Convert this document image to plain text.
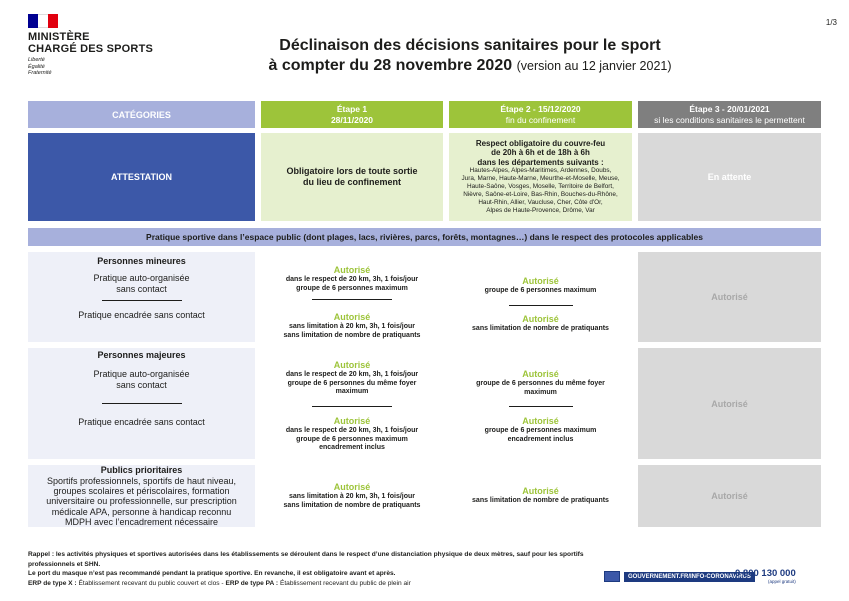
MINISTÈRE
CHARGÉ DES SPORTS
Liberté
Égalité
Fraternité
1/3
Déclinaison des décisions sanitaires pour le sport
à compter du 28 novembre 2020 (version au 12 janvier 2021)
CATÉGORIES
Étape 1
28/11/2020
Étape 2 - 15/12/2020
fin du confinement
Étape 3 - 20/01/2021
si les conditions sanitaires le permettent
ATTESTATION
Obligatoire lors de toute sortie
du lieu de confinement
Respect obligatoire du couvre-feu
de 20h à 6h et de 18h à 6h
dans les départements suivants :
Hautes-Alpes, Alpes-Maritimes, Ardennes, Doubs,
Jura, Marne, Haute-Marne, Meurthe-et-Moselle, Meuse,
Haute-Saône, Vosges, Moselle, Territoire de Belfort,
Nièvre, Saône-et-Loire, Bas-Rhin, Bouches-du-Rhône,
Haut-Rhin, Allier, Vaucluse, Cher, Côte d'Or,
Alpes de Haute-Provence, Drôme, Var
En attente
Pratique sportive dans l’espace public (dont plages, lacs, rivières, parcs, forêts, montagnes…) dans le respect des protocoles applicables
Personnes mineures
Pratique auto-organisée
sans contact
Pratique encadrée sans contact
Autorisé
dans le respect de 20 km, 3h, 1 fois/jour
groupe de 6 personnes maximum
Autorisé
sans limitation à 20 km, 3h, 1 fois/jour
sans limitation de nombre de pratiquants
Autorisé
groupe de 6 personnes maximum
Autorisé
sans limitation de nombre de pratiquants
Autorisé
Personnes majeures
Pratique auto-organisée
sans contact
Pratique encadrée sans contact
Autorisé
dans le respect de 20 km, 3h, 1 fois/jour
groupe de 6 personnes du même foyer
maximum
Autorisé
dans le respect de 20 km, 3h, 1 fois/jour
groupe de 6 personnes maximum
encadrement inclus
Autorisé
groupe de 6 personnes du même foyer
maximum
Autorisé
groupe de 6 personnes maximum
encadrement inclus
Autorisé
Publics prioritaires
Sportifs professionnels, sportifs de haut niveau,
groupes scolaires et périscolaires, formation
universitaire ou professionnelle, sur prescription
médicale APA, personne à handicap reconnu
MDPH avec l’encadrement nécessaire
Autorisé
sans limitation à 20 km, 3h, 1 fois/jour
sans limitation de nombre de pratiquants
Autorisé
sans limitation de nombre de pratiquants	Autorisé
Rappel : les activités physiques et sportives autorisées dans les établissements se déroulent dans le respect d’une distanciation physique de deux mètres, sauf pour les sportifs professionnels et SHN.
Le port du masque n’est pas recommandé pendant la pratique sportive. En revanche, il est obligatoire avant et après.
ERP de type X : Établissement recevant du public couvert et clos - ERP de type PA : Établissement recevant du public de plein air
GOUVERNEMENT.FR/INFO-CORONAVIRUS
0 800 130 000
(appel gratuit)
